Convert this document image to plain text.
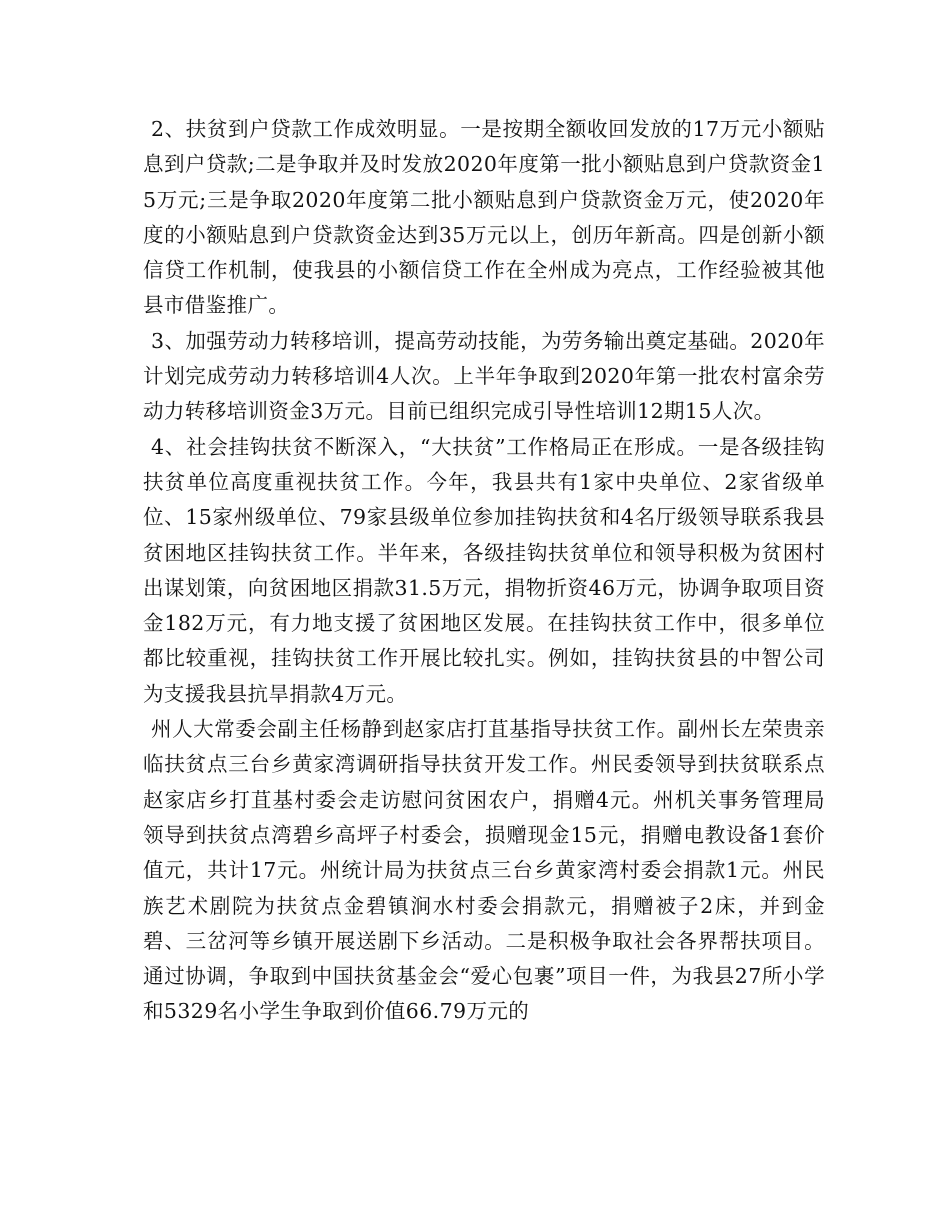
2、扶贫到户贷款工作成效明显。一是按期全额收回发放的17万元小额贴息到户贷款;二是争取并及时发放2020年度第一批小额贴息到户贷款资金15万元;三是争取2020年度第二批小额贴息到户贷款资金万元，使2020年度的小额贴息到户贷款资金达到35万元以上，创历年新高。四是创新小额信贷工作机制，使我县的小额信贷工作在全州成为亮点，工作经验被其他县市借鉴推广。

3、加强劳动力转移培训，提高劳动技能，为劳务输出奠定基础。2020年计划完成劳动力转移培训4人次。上半年争取到2020年第一批农村富余劳动力转移培训资金3万元。目前已组织完成引导性培训12期15人次。

4、社会挂钩扶贫不断深入，“大扶贫”工作格局正在形成。一是各级挂钩扶贫单位高度重视扶贫工作。今年，我县共有1家中央单位、2家省级单位、15家州级单位、79家县级单位参加挂钩扶贫和4名厅级领导联系我县贫困地区挂钩扶贫工作。半年来，各级挂钩扶贫单位和领导积极为贫困村出谋划策，向贫困地区捐款31.5万元，捐物折资46万元，协调争取项目资金182万元，有力地支援了贫困地区发展。在挂钩扶贫工作中，很多单位都比较重视，挂钩扶贫工作开展比较扎实。例如，挂钩扶贫县的中智公司为支援我县抗旱捐款4万元。

州人大常委会副主任杨静到赵家店打苴基指导扶贫工作。副州长左荣贵亲临扶贫点三台乡黄家湾调研指导扶贫开发工作。州民委领导到扶贫联系点赵家店乡打苴基村委会走访慰问贫困农户，捐赠4元。州机关事务管理局领导到扶贫点湾碧乡高坪子村委会，损赠现金15元，捐赠电教设备1套价值元，共计17元。州统计局为扶贫点三台乡黄家湾村委会捐款1元。州民族艺术剧院为扶贫点金碧镇涧水村委会捐款元，捐赠被子2床，并到金碧、三岔河等乡镇开展送剧下乡活动。二是积极争取社会各界帮扶项目。通过协调，争取到中国扶贫基金会“爱心包裹”项目一件，为我县27所小学和5329名小学生争取到价值66.79万元的
